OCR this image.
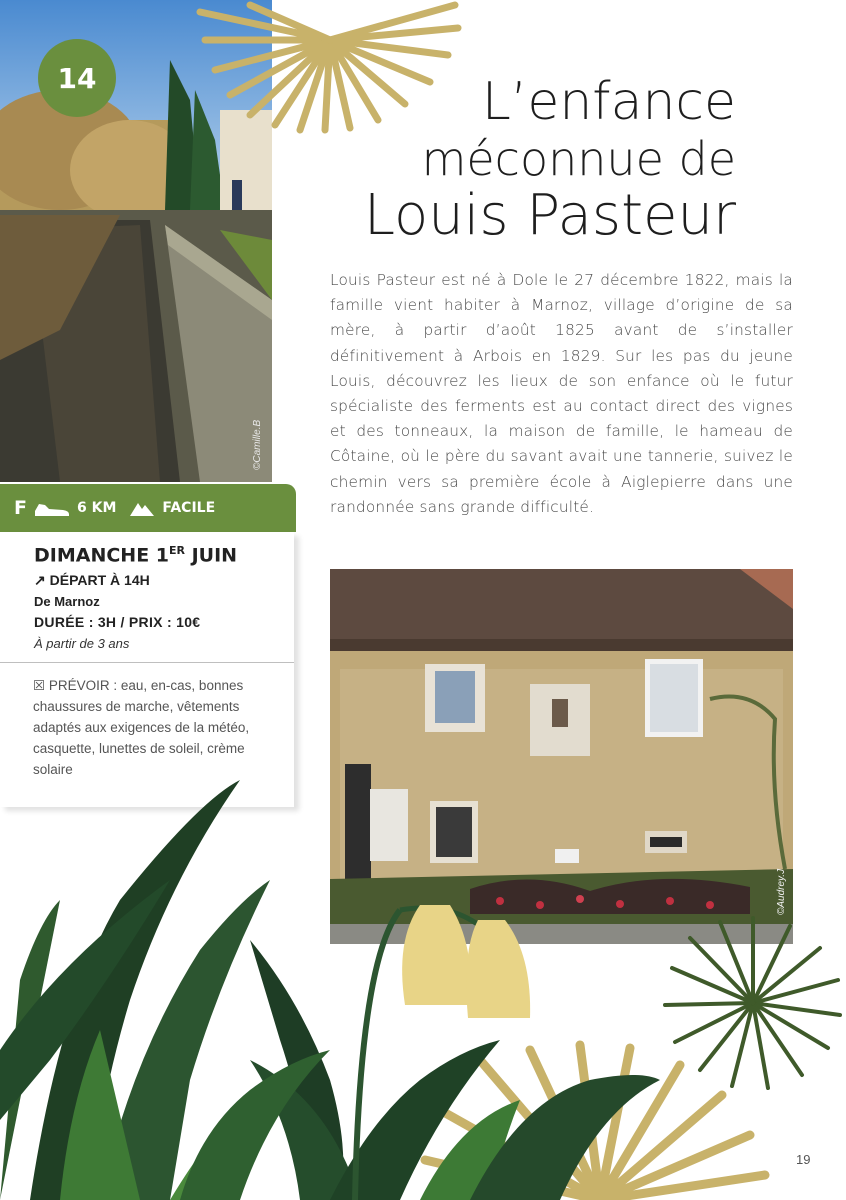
©Camille.B
14	L’enfance
méconnue de
Louis Pasteur
Louis Pasteur est né à Dole le 27 décembre 1822, mais la famille vient habiter à Marnoz, village d’origine de sa mère, à partir d’août 1825 avant de s’installer définitivement à Arbois en 1829. Sur les pas du jeune Louis, découvrez les lieux de son enfance où le futur spécialiste des ferments est au contact direct des vignes et des tonneaux, la maison de famille, le hameau de Côtaine, où le père du savant avait une tannerie, suivez le chemin vers sa première école à Aiglepierre dans une randonnée sans grande difficulté.
F	6 KM	FACILE
DIMANCHE 1ER JUIN
↗ DÉPART À 14H
De Marnoz
DURÉE : 3H / PRIX : 10€
À partir de 3 ans
☒ PRÉVOIR : eau, en-cas, bonnes chaussures de marche, vêtements adaptés aux exigences de la météo, casquette, lunettes de soleil, crème solaire
©Audrey.J
19
